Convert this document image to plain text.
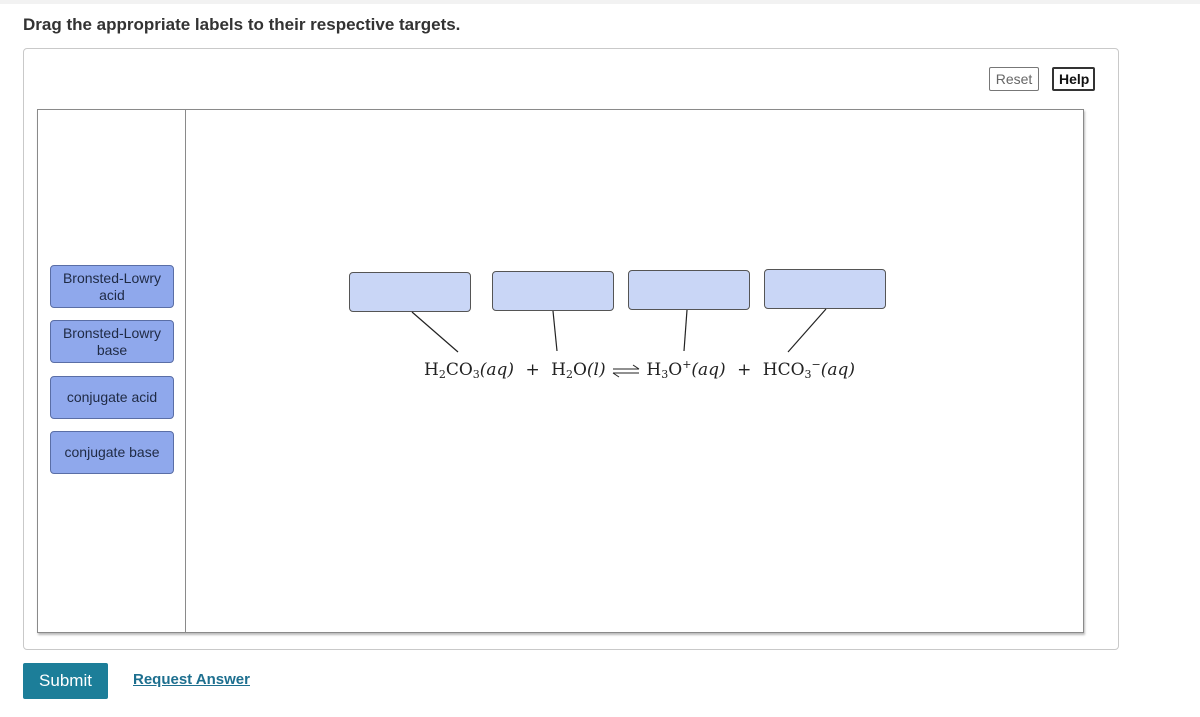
Drag the appropriate labels to their respective targets.
Reset	Help
Bronsted-Lowry
acid
Bronsted-Lowry
base
conjugate acid
conjugate base
$H_2CO_3(aq) + H_2O(l)$ ⇌ $H_3O^+(aq) + HCO_3^-(aq)$
Submit	Request Answer
